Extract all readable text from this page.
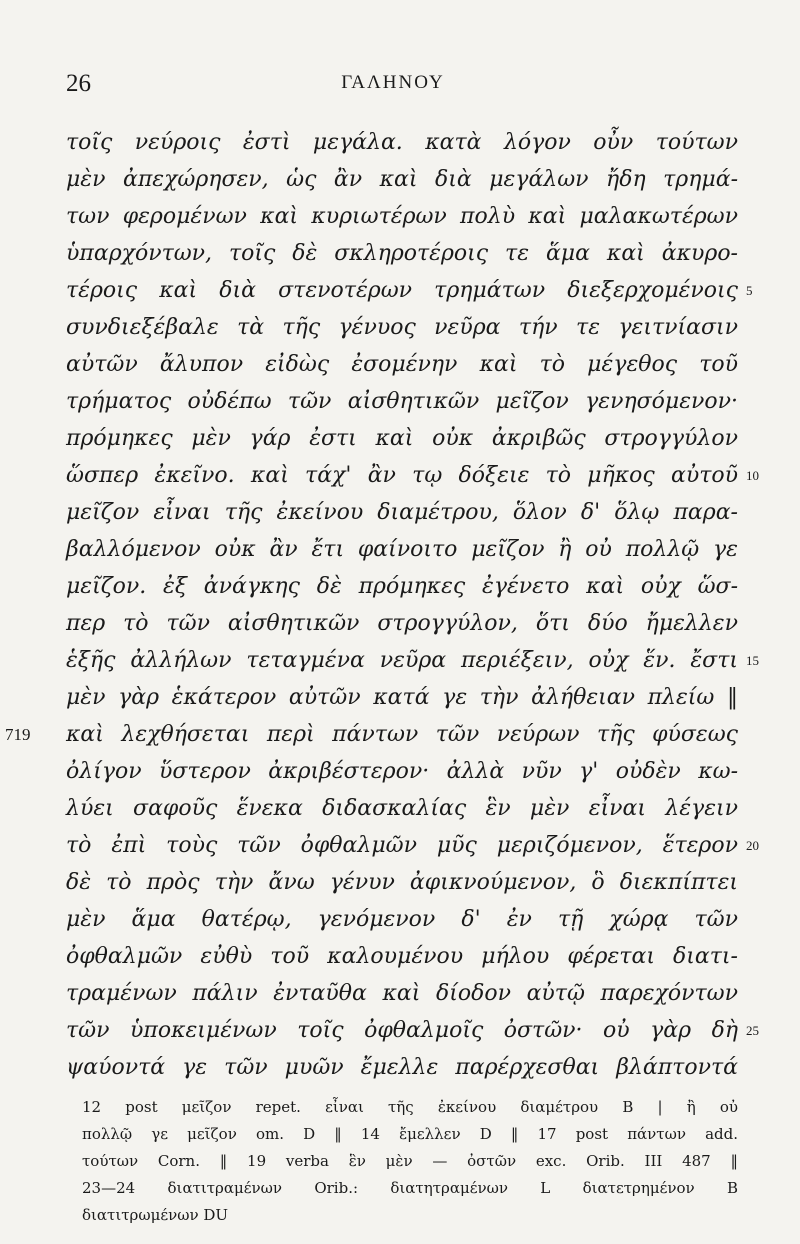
26	ΓΑΛΗΝΟΥ
τοῖς νεύροις ἐστὶ μεγάλα. κατὰ λόγον οὖν τούτων
μὲν ἀπεχώρησεν, ὡς ἂν καὶ διὰ μεγάλων ἤδη τρημά-
των φερομένων καὶ κυριωτέρων πολὺ καὶ μαλακωτέρων
ὑπαρχόντων, τοῖς δὲ σκληροτέροις τε ἅμα καὶ ἀκυρο-
τέροις καὶ διὰ στενοτέρων τρημάτων διεξερχομένοις 5
συνδιεξέβαλε τὰ τῆς γένυος νεῦρα τήν τε γειτνίασιν
αὐτῶν ἄλυπον εἰδὼς ἐσομένην καὶ τὸ μέγεθος τοῦ
τρήματος οὐδέπω τῶν αἰσθητικῶν μεῖζον γενησόμενον·
πρόμηκες μὲν γάρ ἐστι καὶ οὐκ ἀκριβῶς στρογγύλον
ὥσπερ ἐκεῖνο. καὶ τάχ' ἂν τῳ δόξειε τὸ μῆκος αὐτοῦ 10
μεῖζον εἶναι τῆς ἐκείνου διαμέτρου, ὅλον δ' ὅλῳ παρα-
βαλλόμενον οὐκ ἂν ἔτι φαίνοιτο μεῖζον ἢ οὐ πολλῷ γε
μεῖζον. ἐξ ἀνάγκης δὲ πρόμηκες ἐγένετο καὶ οὐχ ὥσ-
περ τὸ τῶν αἰσθητικῶν στρογγύλον, ὅτι δύο ἤμελλεν
ἑξῆς ἀλλήλων τεταγμένα νεῦρα περιέξειν, οὐχ ἕν. ἔστι 15
μὲν γὰρ ἑκάτερον αὐτῶν κατά γε τὴν ἀλήθειαν πλείω ‖
καὶ λεχθήσεται περὶ πάντων τῶν νεύρων τῆς φύσεως
719
ὀλίγον ὕστερον ἀκριβέστερον· ἀλλὰ νῦν γ' οὐδὲν κω-
λύει σαφοῦς ἕνεκα διδασκαλίας ἓν μὲν εἶναι λέγειν
τὸ ἐπὶ τοὺς τῶν ὀφθαλμῶν μῦς μεριζόμενον, ἕτερον 20
δὲ τὸ πρὸς τὴν ἄνω γένυν ἀφικνούμενον, ὃ διεκπίπτει
μὲν ἅμα θατέρῳ, γενόμενον δ' ἐν τῇ χώρᾳ τῶν
ὀφθαλμῶν εὐθὺ τοῦ καλουμένου μήλου φέρεται διατι-
τραμένων πάλιν ἐνταῦθα καὶ δίοδον αὐτῷ παρεχόντων
τῶν ὑποκειμένων τοῖς ὀφθαλμοῖς ὀστῶν· οὐ γὰρ δὴ 25
ψαύοντά γε τῶν μυῶν ἔμελλε παρέρχεσθαι βλάπτοντά
12 post μεῖζον repet. εἶναι τῆς ἐκείνου διαμέτρου B | ἢ οὐ
πολλῷ γε μεῖζον om. D ‖ 14 ἔμελλεν D ‖ 17 post πάντων add.
τούτων Corn. ‖ 19 verba ἓν μὲν — ὀστῶν exc. Orib. III 487 ‖
23—24 διατιτραμένων Orib.: διατητραμένων L διατετρημένον B
διατιτρωμένων DU
